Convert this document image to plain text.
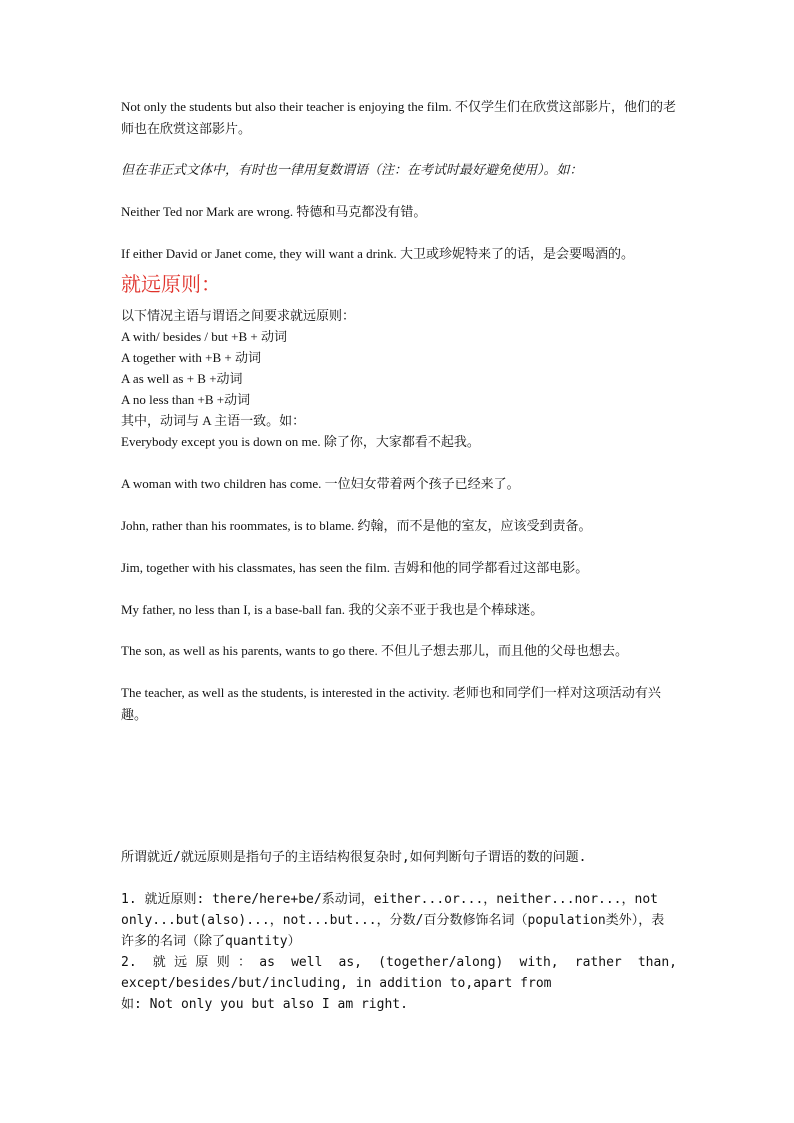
Not only the students but also their teacher is enjoying the film. 不仅学生们在欣赏这部影片，他们的老师也在欣赏这部影片。

但在非正式文体中，有时也一律用复数谓语（注：在考试时最好避免使用）。如：

Neither Ted nor Mark are wrong. 特德和马克都没有错。

If either David or Janet come, they will want a drink. 大卫或珍妮特来了的话，是会要喝酒的。

就远原则：
以下情况主语与谓语之间要求就远原则：
A with/ besides / but +B + 动词
A together with +B + 动词
A as well as + B +动词
A no less than +B +动词
其中，动词与 A 主语一致。如：

Everybody except you is down on me. 除了你，大家都看不起我。

A woman with two children has come. 一位妇女带着两个孩子已经来了。

John, rather than his roommates, is to blame. 约翰，而不是他的室友，应该受到责备。

Jim, together with his classmates, has seen the film. 吉姆和他的同学都看过这部电影。

My father, no less than I, is a base-ball fan. 我的父亲不亚于我也是个棒球迷。

The son, as well as his parents, wants to go there. 不但儿子想去那儿，而且他的父母也想去。

The teacher, as well as the students, is interested in the activity. 老师也和同学们一样对这项活动有兴趣。

所谓就近/就远原则是指句子的主语结构很复杂时,如何判断句子谓语的数的问题.

1. 就近原则: there/here+be/系动词，either...or...，neither...nor...，not only...but(also)...，not...but...，分数/百分数修饰名词（population类外），表许多的名词（除了quantity）

2. 就远原则：as well as, (together/along) with, rather than, except/besides/but/including, in addition to,apart from

如: Not only you but also I am right.
